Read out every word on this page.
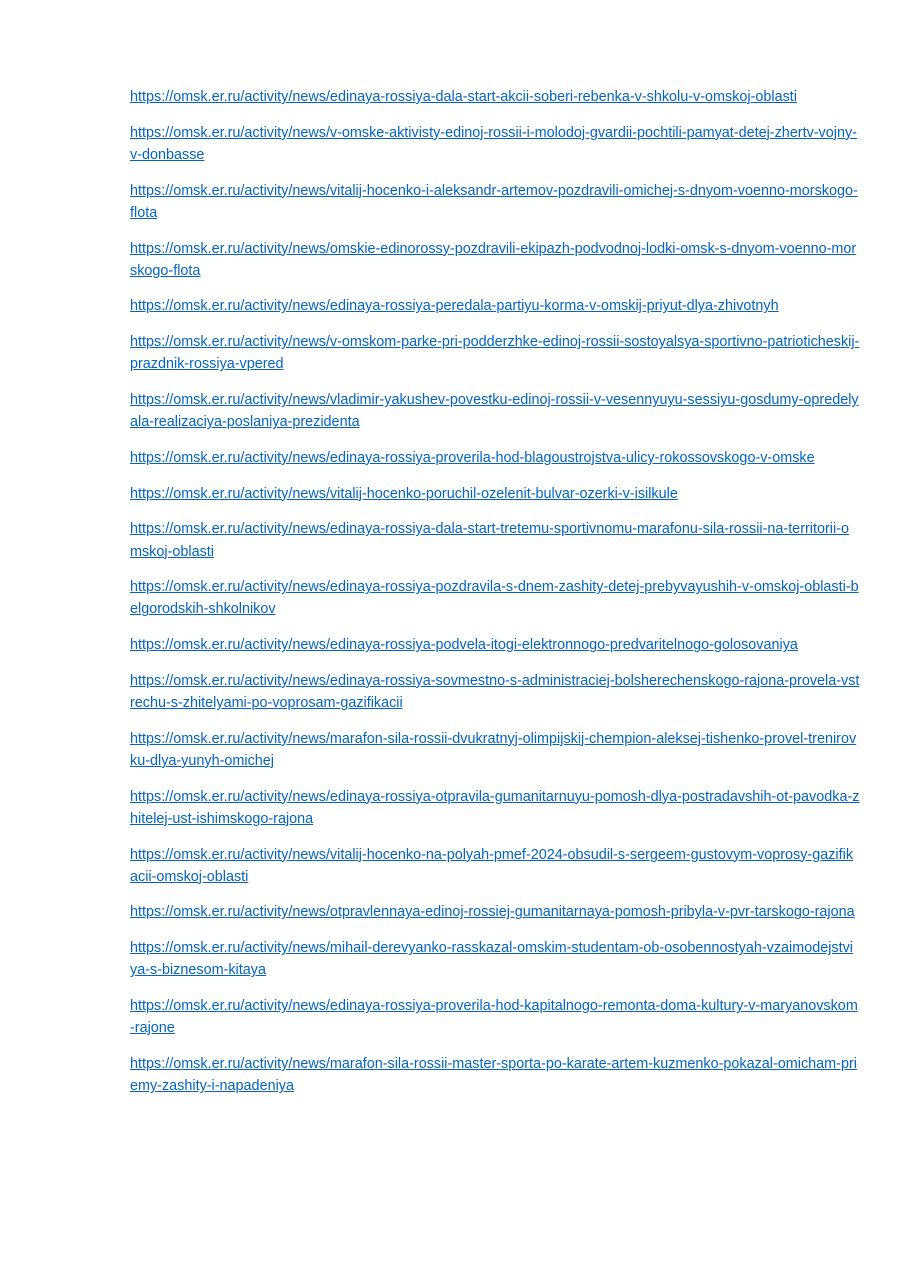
https://omsk.er.ru/activity/news/edinaya-rossiya-dala-start-akcii-soberi-rebenka-v-shkolu-v-omskoj-oblasti
https://omsk.er.ru/activity/news/v-omske-aktivisty-edinoj-rossii-i-molodoj-gvardii-pochtili-pamyat-detej-zhertv-vojny-v-donbasse
https://omsk.er.ru/activity/news/vitalij-hocenko-i-aleksandr-artemov-pozdravili-omichej-s-dnyom-voenno-morskogo-flota
https://omsk.er.ru/activity/news/omskie-edinorossy-pozdravili-ekipazh-podvodnoj-lodki-omsk-s-dnyom-voenno-morskogo-flota
https://omsk.er.ru/activity/news/edinaya-rossiya-peredala-partiyu-korma-v-omskij-priyut-dlya-zhivotnyh
https://omsk.er.ru/activity/news/v-omskom-parke-pri-podderzhke-edinoj-rossii-sostoyalsya-sportivno-patrioticheskij-prazdnik-rossiya-vpered
https://omsk.er.ru/activity/news/vladimir-yakushev-povestku-edinoj-rossii-v-vesennyuyu-sessiyu-gosdumy-opredelyala-realizaciya-poslaniya-prezidenta
https://omsk.er.ru/activity/news/edinaya-rossiya-proverila-hod-blagoustrojstva-ulicy-rokossovskogo-v-omske
https://omsk.er.ru/activity/news/vitalij-hocenko-poruchil-ozelenit-bulvar-ozerki-v-isilkule
https://omsk.er.ru/activity/news/edinaya-rossiya-dala-start-tretemu-sportivnomu-marafonu-sila-rossii-na-territorii-omskoj-oblasti
https://omsk.er.ru/activity/news/edinaya-rossiya-pozdravila-s-dnem-zashity-detej-prebyvayushih-v-omskoj-oblasti-belgorodskih-shkolnikov
https://omsk.er.ru/activity/news/edinaya-rossiya-podvela-itogi-elektronnogo-predvaritelnogo-golosovaniya
https://omsk.er.ru/activity/news/edinaya-rossiya-sovmestno-s-administraciej-bolsherechenskogo-rajona-provela-vstrechu-s-zhitelyami-po-voprosam-gazifikacii
https://omsk.er.ru/activity/news/marafon-sila-rossii-dvukratnyj-olimpijskij-chempion-aleksej-tishenko-provel-trenirovku-dlya-yunyh-omichej
https://omsk.er.ru/activity/news/edinaya-rossiya-otpravila-gumanitarnuyu-pomosh-dlya-postradavshih-ot-pavodka-zhitelej-ust-ishimskogo-rajona
https://omsk.er.ru/activity/news/vitalij-hocenko-na-polyah-pmef-2024-obsudil-s-sergeem-gustovym-voprosy-gazifikacii-omskoj-oblasti
https://omsk.er.ru/activity/news/otpravlennaya-edinoj-rossiej-gumanitarnaya-pomosh-pribyla-v-pvr-tarskogo-rajona
https://omsk.er.ru/activity/news/mihail-derevyanko-rasskazal-omskim-studentam-ob-osobennostyah-vzaimodejstviya-s-biznesom-kitaya
https://omsk.er.ru/activity/news/edinaya-rossiya-proverila-hod-kapitalnogo-remonta-doma-kultury-v-maryanovskom-rajone
https://omsk.er.ru/activity/news/marafon-sila-rossii-master-sporta-po-karate-artem-kuzmenko-pokazal-omicham-priemy-zashity-i-napadeniya
